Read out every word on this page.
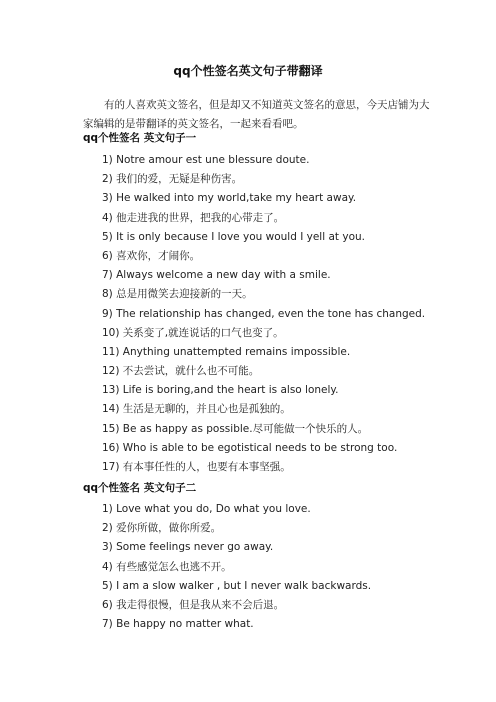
qq个性签名英文句子带翻译
有的人喜欢英文签名，但是却又不知道英文签名的意思，今天店铺为大家编辑的是带翻译的英文签名，一起来看看吧。
qq个性签名 英文句子一
1) Notre amour est une blessure doute.
2) 我们的爱，无疑是种伤害。
3) He walked into my world,take my heart away.
4) 他走进我的世界，把我的心带走了。
5) It is only because I love you would I yell at you.
6) 喜欢你，才闹你。
7) Always welcome a new day with a smile.
8) 总是用微笑去迎接新的一天。
9) The relationship has changed, even the tone has changed.
10) 关系变了,就连说话的口气也变了。
11) Anything unattempted remains impossible.
12) 不去尝试，就什么也不可能。
13) Life is boring,and the heart is also lonely.
14) 生活是无聊的，并且心也是孤独的。
15) Be as happy as possible.尽可能做一个快乐的人。
16) Who is able to be egotistical needs to be strong too.
17) 有本事任性的人，也要有本事坚强。
qq个性签名 英文句子二
1) Love what you do, Do what you love.
2) 爱你所做，做你所爱。
3) Some feelings never go away.
4) 有些感觉怎么也逃不开。
5) I am a slow walker , but I never walk backwards.
6) 我走得很慢，但是我从来不会后退。
7) Be happy no matter what.
